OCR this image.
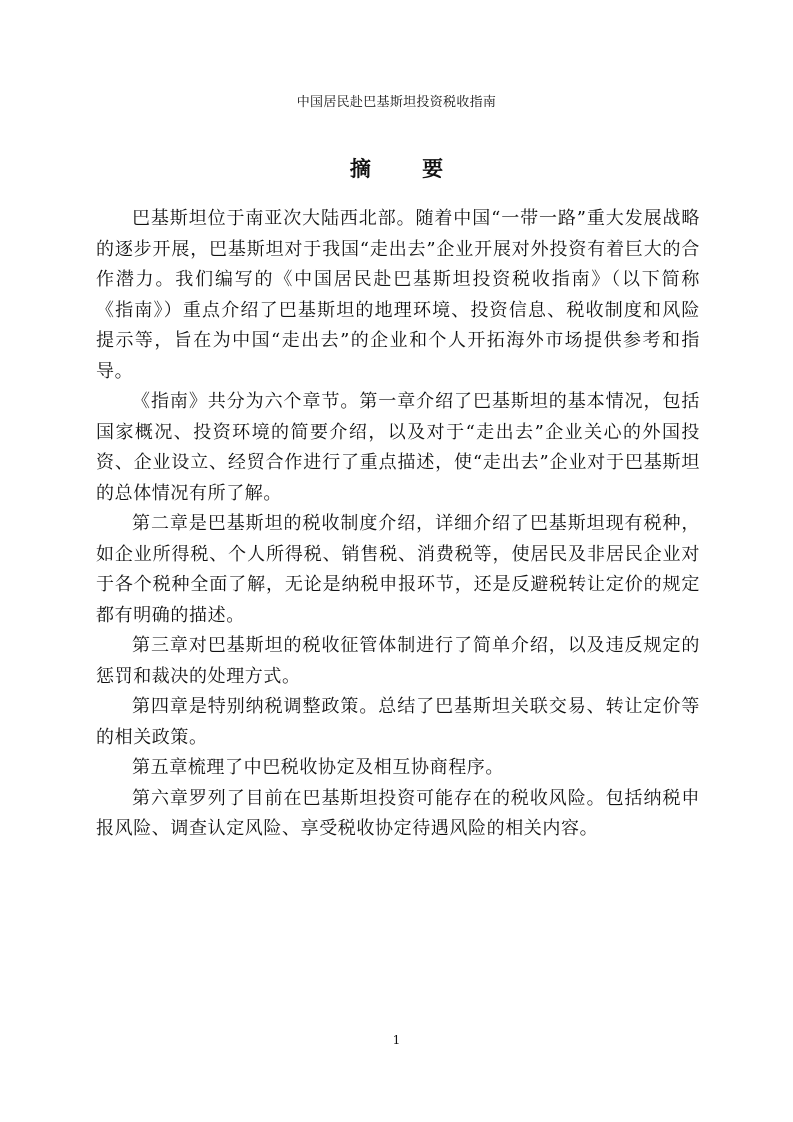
中国居民赴巴基斯坦投资税收指南
摘 要

巴基斯坦位于南亚次大陆西北部。随着中国“一带一路”重大发展战略的逐步开展，巴基斯坦对于我国“走出去”企业开展对外投资有着巨大的合作潜力。我们编写的《中国居民赴巴基斯坦投资税收指南》（以下简称《指南》）重点介绍了巴基斯坦的地理环境、投资信息、税收制度和风险提示等，旨在为中国“走出去”的企业和个人开拓海外市场提供参考和指导。

《指南》共分为六个章节。第一章介绍了巴基斯坦的基本情况，包括国家概况、投资环境的简要介绍，以及对于“走出去”企业关心的外国投资、企业设立、经贸合作进行了重点描述，使“走出去”企业对于巴基斯坦的总体情况有所了解。

第二章是巴基斯坦的税收制度介绍，详细介绍了巴基斯坦现有税种，如企业所得税、个人所得税、销售税、消费税等，使居民及非居民企业对于各个税种全面了解，无论是纳税申报环节，还是反避税转让定价的规定都有明确的描述。

第三章对巴基斯坦的税收征管体制进行了简单介绍，以及违反规定的惩罚和裁决的处理方式。

第四章是特别纳税调整政策。总结了巴基斯坦关联交易、转让定价等的相关政策。

第五章梳理了中巴税收协定及相互协商程序。

第六章罗列了目前在巴基斯坦投资可能存在的税收风险。包括纳税申报风险、调查认定风险、享受税收协定待遇风险的相关内容。

1
